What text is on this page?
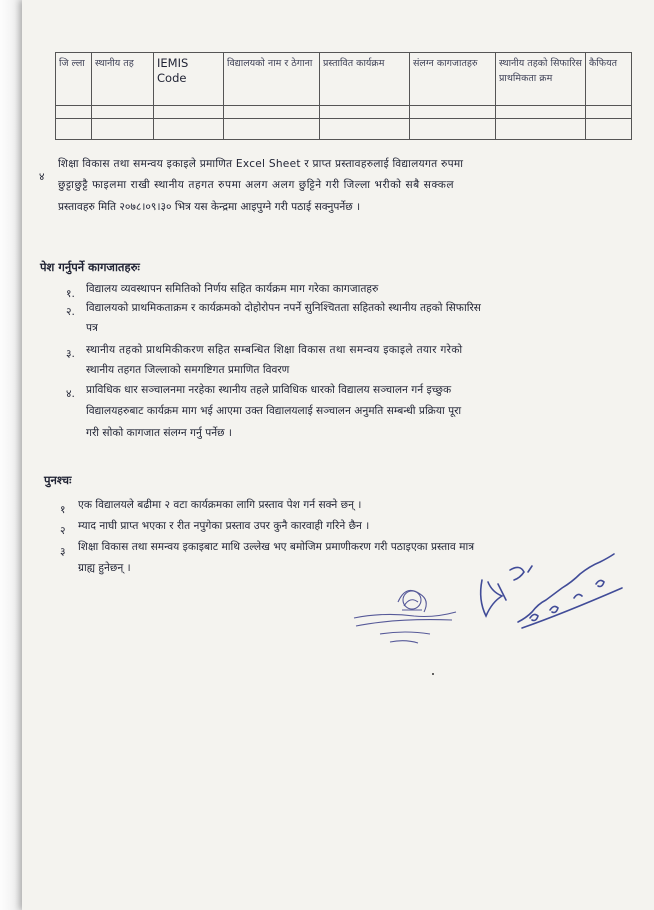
जि ल्ला	स्थानीय तह	IEMIS Code	विद्यालयको नाम र ठेगाना	प्रस्तावित कार्यक्रम	संलग्न कागजातहरु	स्थानीय तहको सिफारिस प्राथमिकता क्रम	कैफियत

४
शिक्षा विकास तथा समन्वय इकाइले प्रमाणित Excel Sheet र प्राप्त प्रस्तावहरुलाई विद्यालयगत रुपमा
छुट्टाछुट्टै फाइलमा राखी स्थानीय तहगत रुपमा अलग अलग छुट्टिने गरी जिल्ला भरीको सबै सक्कल
प्रस्तावहरु मिति २०७८।०९।३० भित्र यस केन्द्रमा आइपुग्ने गरी पठाई सक्नुपर्नेछ ।
पेश गर्नुपर्ने कागजातहरुः
१. विद्यालय व्यवस्थापन समितिको निर्णय सहित कार्यक्रम माग गरेका कागजातहरु
२. विद्यालयको प्राथमिकताक्रम र कार्यक्रमको दोहोरोपन नपर्ने सुनिश्चितता सहितको स्थानीय तहको सिफारिस
पत्र
३. स्थानीय तहको प्राथमिकीकरण सहित सम्बन्धित शिक्षा विकास तथा समन्वय इकाइले तयार गरेको
स्थानीय तहगत जिल्लाको समगष्टिगत प्रमाणित विवरण
४. प्राविधिक धार सञ्चालनमा नरहेका स्थानीय तहले प्राविधिक धारको विद्यालय सञ्चालन गर्न इच्छुक
विद्यालयहरुबाट कार्यक्रम माग भई आएमा उक्त विद्यालयलाई सञ्चालन अनुमति सम्बन्धी प्रक्रिया पूरा
गरी सोको कागजात संलग्न गर्नु पर्नेछ ।
पुनश्चः
१ एक विद्यालयले बढीमा २ वटा कार्यक्रमका लागि प्रस्ताव पेश गर्न सक्ने छन् ।
२ म्याद नाघी प्राप्त भएका र रीत नपुगेका प्रस्ताव उपर कुनै कारवाही गरिने छैन ।
३ शिक्षा विकास तथा समन्वय इकाइबाट माथि उल्लेख भए बमोजिम प्रमाणीकरण गरी पठाइएका प्रस्ताव मात्र
ग्राह्य हुनेछन् ।
